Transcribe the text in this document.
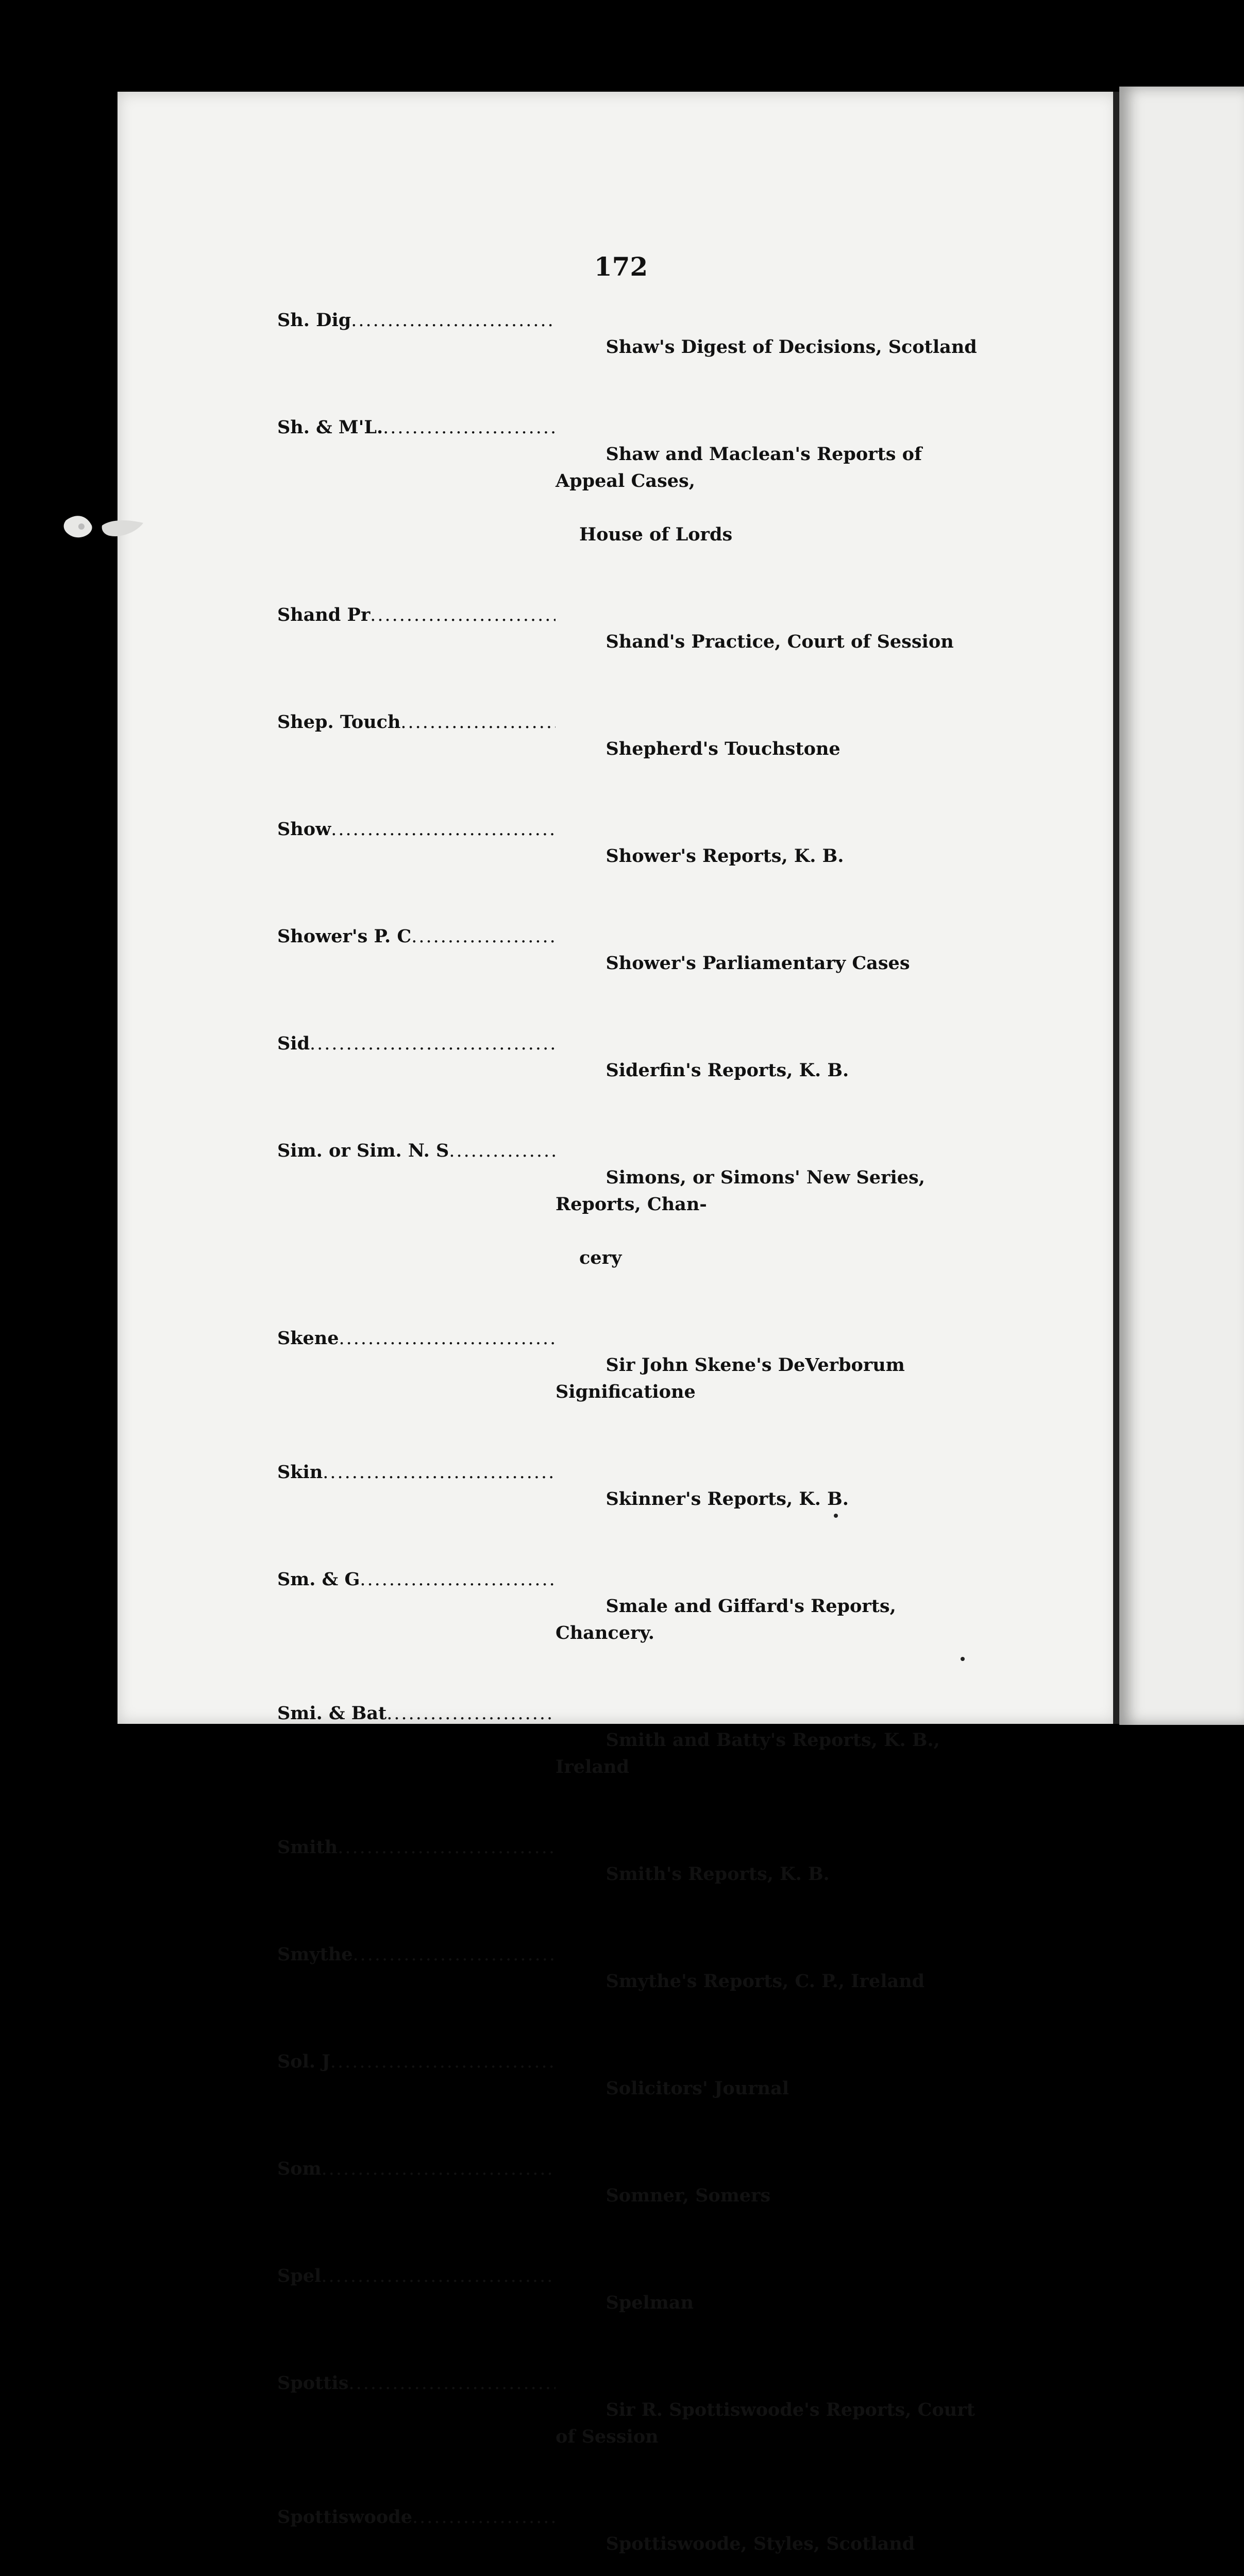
172
Sh. Dig
.....

Shaw's Digest of Decisions, Scotland

Sh. & M'L.
.....

Shaw and Maclean's Reports of Appeal Cases,

House of Lords

Shand Pr
.....

Shand's Practice, Court of Session

Shep. Touch
.....

Shepherd's Touchstone

Show
.....

Shower's Reports, K. B.

Shower's P. C
.....

Shower's Parliamentary Cases

Sid
.....

Siderfin's Reports, K. B.

Sim. or Sim. N. S
.....

Simons, or Simons' New Series, Reports, Chan-

cery

Skene
.....

Sir John Skene's DeVerborum Significatione

Skin
.....

Skinner's Reports, K. B.

Sm. & G
.....

Smale and Giffard's Reports, Chancery.

Smi. & Bat
.....

Smith and Batty's Reports, K. B., Ireland

Smith
.....

Smith's Reports, K. B.

Smythe
.....

Smythe's Reports, C. P., Ireland

Sol. J
.....

Solicitors' Journal

Som
.....

Somner, Somers

Spel
.....

Spelman

Spottis
.....

Sir R. Spottiswoode's Reports, Court of Session

Spottiswoode
.....

Spottiswoode, Styles, Scotland
